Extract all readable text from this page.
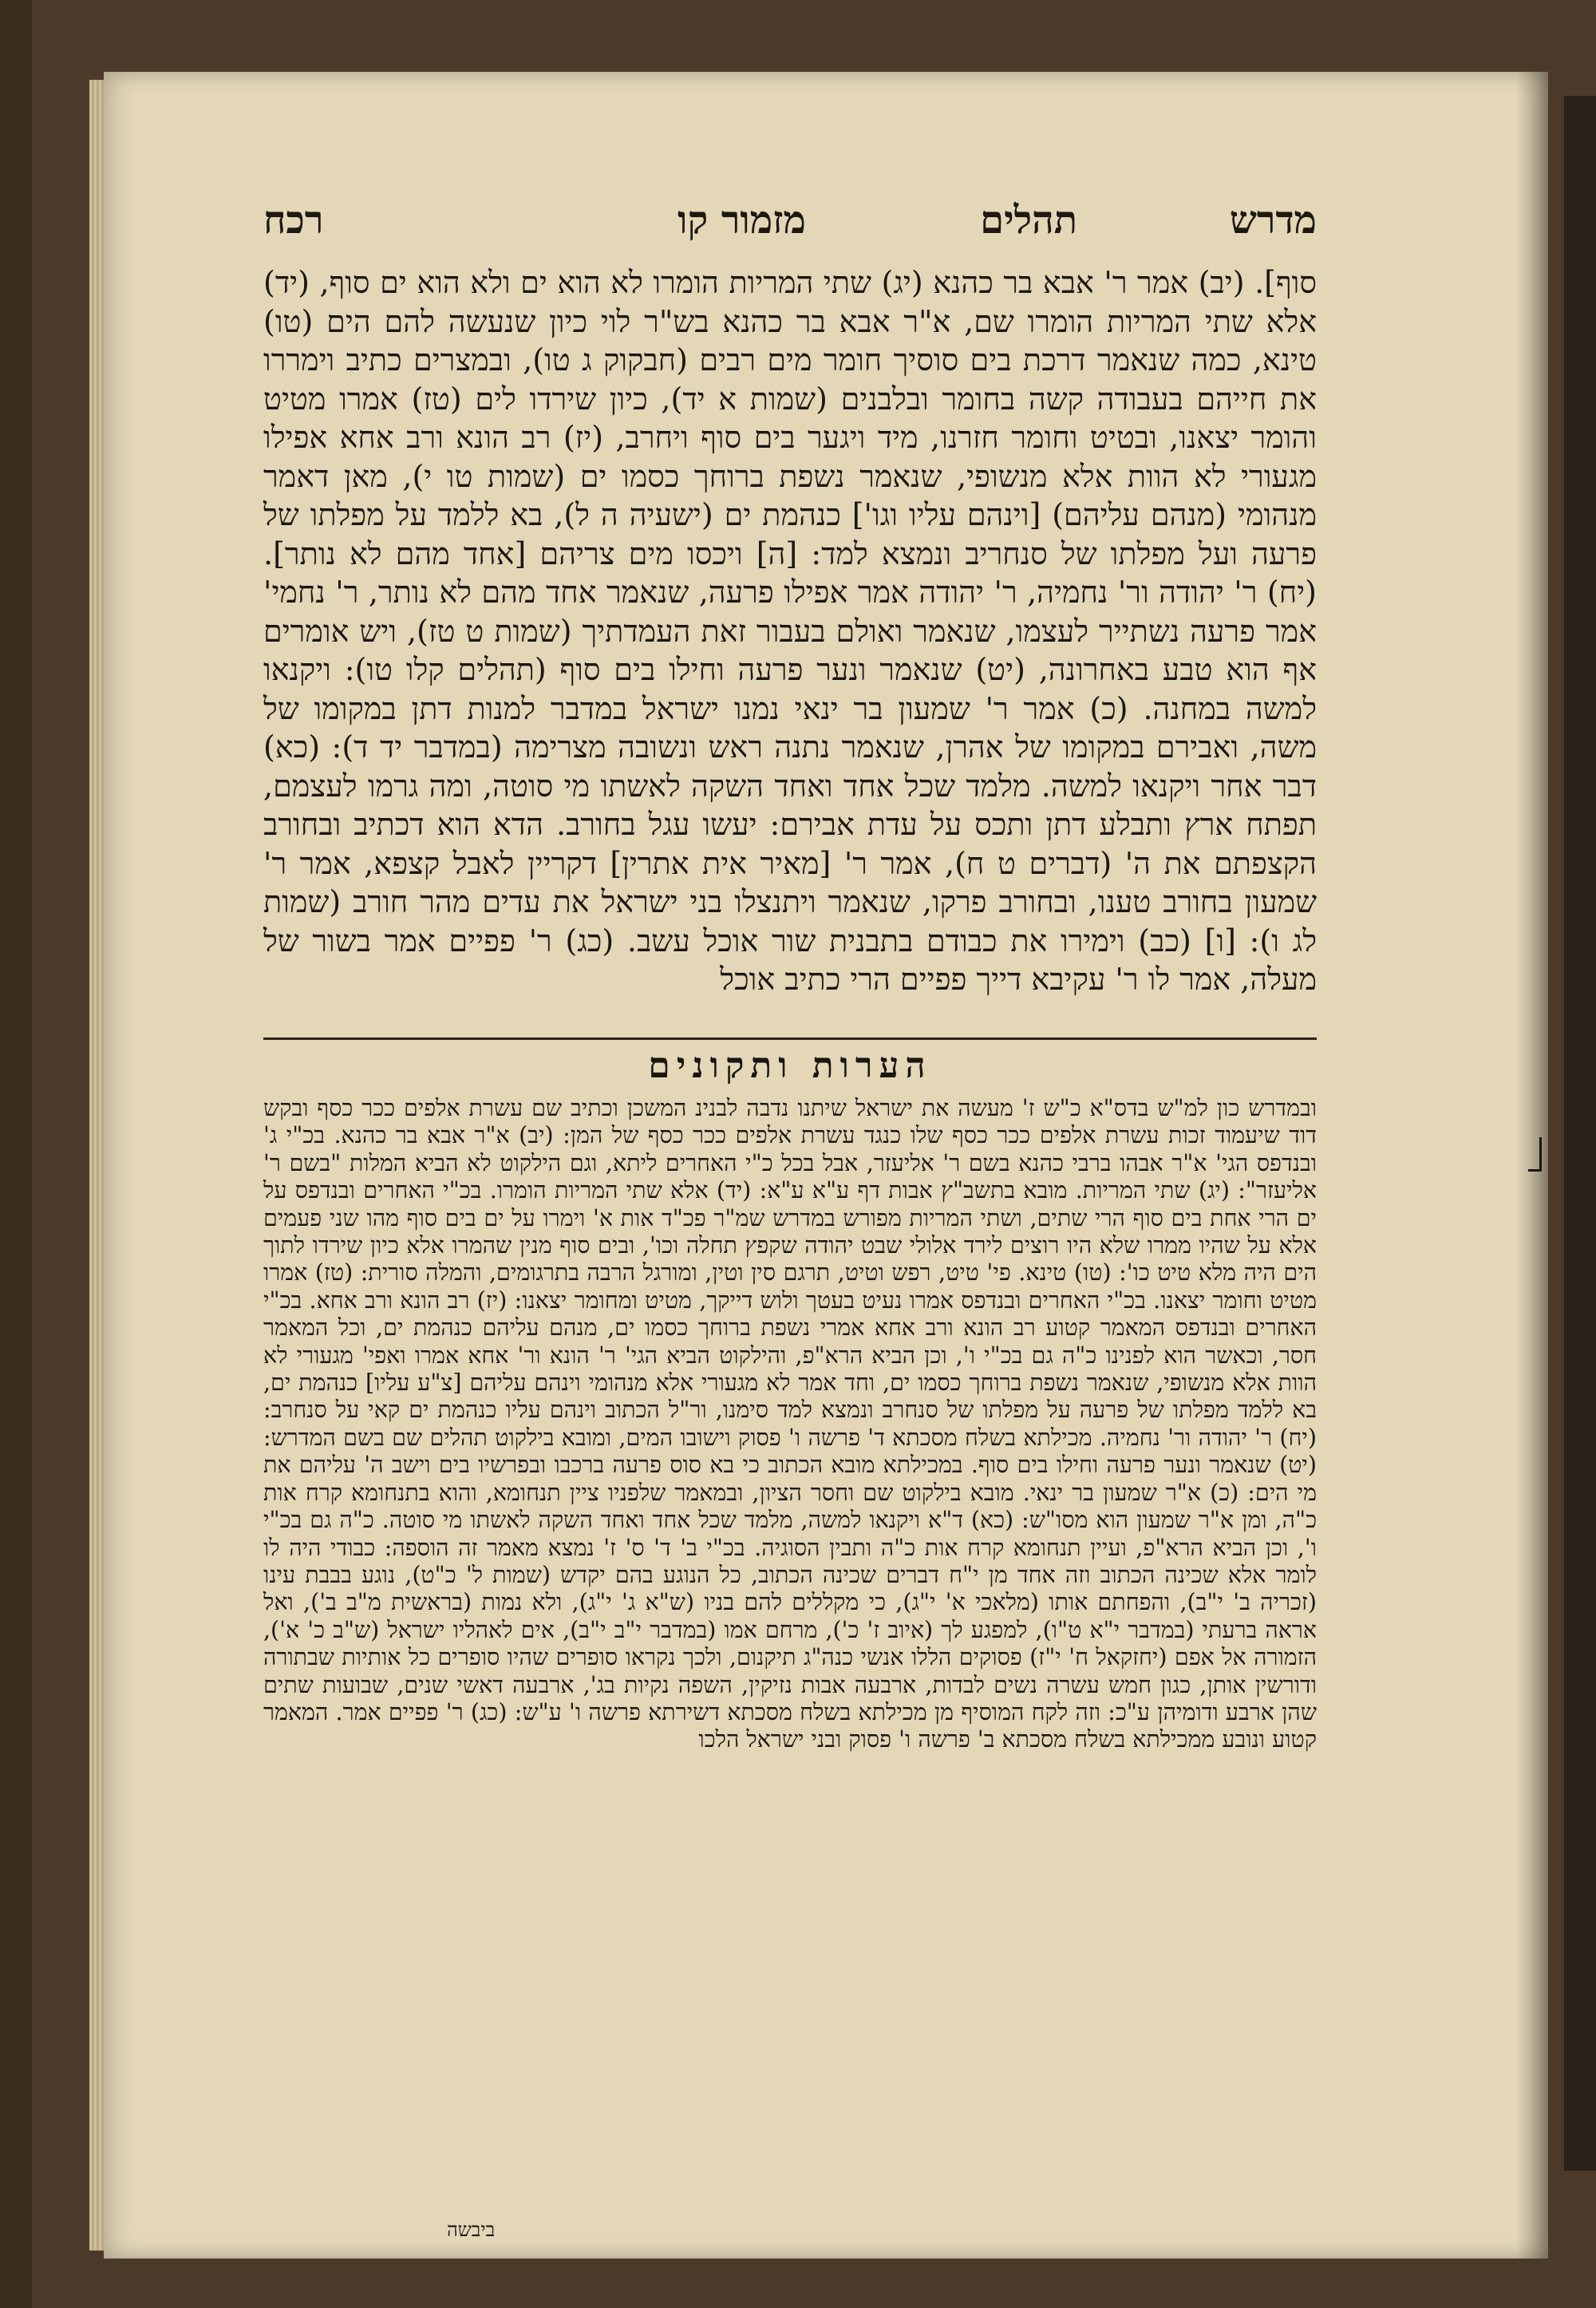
מדרש
מזמור קו	תהלים
רכח

סוף]. (יב) אמר ר' אבא בר כהנא (יג) שתי המריות הומרו לא הוא ים ולא הוא ים סוף, (יד) אלא שתי המריות הומרו שם, א"ר אבא בר כהנא בש"ר לוי כיון שנעשה להם הים (טו) טינא, כמה שנאמר דרכת בים סוסיך חומר מים רבים (חבקוק ג טו), ובמצרים כתיב וימררו את חייהם בעבודה קשה בחומר ובלבנים (שמות א יד), כיון שירדו לים (טז) אמרו מטיט והומר יצאנו, ובטיט וחומר חזרנו, מיד ויגער בים סוף ויחרב, (יז) רב הונא ורב אחא אפילו מגעורי לא הוות אלא מנשופי, שנאמר נשפת ברוחך כסמו ים (שמות טו י), מאן דאמר מנהומי (מנהם עליהם) [וינהם עליו וגו'] כנהמת ים (ישעיה ה ל), בא ללמד על מפלתו של פרעה ועל מפלתו של סנחריב ונמצא למד: [ה] ויכסו מים צריהם [אחד מהם לא נותר]. (יח) ר' יהודה ור' נחמיה, ר' יהודה אמר אפילו פרעה, שנאמר אחד מהם לא נותר, ר' נחמי' אמר פרעה נשתייר לעצמו, שנאמר ואולם בעבור זאת העמדתיך (שמות ט טז), ויש אומרים אף הוא טבע באחרונה, (יט) שנאמר ונער פרעה וחילו בים סוף (תהלים קלו טו): ויקנאו למשה במחנה. (כ) אמר ר' שמעון בר ינאי נמנו ישראל במדבר למנות דתן במקומו של משה, ואבירם במקומו של אהרן, שנאמר נתנה ראש ונשובה מצרימה (במדבר יד ד): (כא) דבר אחר ויקנאו למשה. מלמד שכל אחד ואחד השקה לאשתו מי סוטה, ומה גרמו לעצמם, תפתח ארץ ותבלע דתן ותכס על עדת אבירם: יעשו עגל בחורב. הדא הוא דכתיב ובחורב הקצפתם את ה' (דברים ט ח), אמר ר' [מאיר אית אתרין] דקריין לאבל קצפא, אמר ר' שמעון בחורב טענו, ובחורב פרקו, שנאמר ויתנצלו בני ישראל את עדים מהר חורב (שמות לג ו): [ו] (כב) וימירו את כבודם בתבנית שור אוכל עשב. (כג) ר' פפיים אמר בשור של מעלה, אמר לו ר' עקיבא דייך פפיים הרי כתיב אוכל

הערות ותקונים

ובמדרש כון למ"ש בדס"א כ"ש ז' מעשה את ישראל שיתנו נדבה לבנינ המשכן וכתיב שם עשרת אלפים ככר כסף ובקש דוד שיעמוד זכות עשרת אלפים ככר כסף שלו כנגד עשרת אלפים ככר כסף של המן: (יב) א"ר אבא בר כהנא. בכ"י ג' ובנדפס הגי' א"ר אבהו ברבי כהנא בשם ר' אליעזר, אבל בכל כ"י האחרים ליתא, וגם הילקוט לא הביא המלות "בשם ר' אליעזר": (יג) שתי המריות. מובא בתשב"ץ אבות דף ע"א ע"א: (יד) אלא שתי המריות הומרו. בכ"י האחרים ובנדפס על ים הרי אחת בים סוף הרי שתים, ושתי המריות מפורש במדרש שמ"ר פכ"ד אות א' וימרו על ים בים סוף מהו שני פעמים אלא על שהיו ממרו שלא היו רוצים לירד אלולי שבט יהודה שקפץ תחלה וכו', ובים סוף מנין שהמרו אלא כיון שירדו לתוך הים היה מלא טיט כו': (טו) טינא. פי' טיט, רפש וטיט, תרגם סין וטין, ומורגל הרבה בתרגומים, והמלה סורית: (טז) אמרו מטיט וחומר יצאנו. בכ"י האחרים ובנדפס אמרו נעיט בעטך ולוש דייקך, מטיט ומחומר יצאנו: (יז) רב הונא ורב אחא. בכ"י האחרים ובנדפס המאמר קטוע רב הונא ורב אחא אמרי נשפת ברוחך כסמו ים, מנהם עליהם כנהמת ים, וכל המאמר חסר, וכאשר הוא לפנינו כ"ה גם בכ"י ו', וכן הביא הרא"פ, והילקוט הביא הגי' ר' הונא ור' אחא אמרו ואפי' מגעורי לא הוות אלא מנשופי, שנאמר נשפת ברוחך כסמו ים, וחד אמר לא מגעורי אלא מנהומי וינהם עליהם [צ"ע עליו] כנהמת ים, בא ללמד מפלתו של פרעה על מפלתו של סנחרב ונמצא למד סימנו, ור"ל הכתוב וינהם עליו כנהמת ים קאי על סנחרב: (יח) ר' יהודה ור' נחמיה. מכילתא בשלח מסכתא ד' פרשה ו' פסוק וישובו המים, ומובא בילקוט תהלים שם בשם המדרש: (יט) שנאמר ונער פרעה וחילו בים סוף. במכילתא מובא הכתוב כי בא סוס פרעה ברכבו ובפרשיו בים וישב ה' עליהם את מי הים: (כ) א"ר שמעון בר ינאי. מובא בילקוט שם וחסר הציון, ובמאמר שלפניו ציין תנחומא, והוא בתנחומא קרח אות כ"ה, ומן א"ר שמעון הוא מסו"ש: (כא) ד"א ויקנאו למשה, מלמד שכל אחד ואחד השקה לאשתו מי סוטה. כ"ה גם בכ"י ו', וכן הביא הרא"פ, ועיין תנחומא קרח אות כ"ה ותבין הסוגיה. בכ"י ב' ד' ס' ז' נמצא מאמר זה הוספה: כבודי היה לו לומר אלא שכינה הכתוב וזה אחד מן י"ח דברים שכינה הכתוב, כל הנוגע בהם יקדש (שמות ל' כ"ט), נוגע בבבת עינו (זכריה ב' י"ב), והפחתם אותו (מלאכי א' י"ג), כי מקללים להם בניו (ש"א ג' י"ג), ולא נמות (בראשית מ"ב ב'), ואל אראה ברעתי (במדבר י"א ט"ו), למפגע לך (איוב ז' כ'), מרחם אמו (במדבר י"ב י"ב), אים לאהליו ישראל (ש"ב כ' א'), הזמורה אל אפם (יחזקאל ח' י"ז) פסוקים הללו אנשי כנה"ג תיקנום, ולכך נקראו סופרים שהיו סופרים כל אותיות שבתורה ודורשין אותן, כגון חמש עשרה נשים לבדות, ארבעה אבות נזיקין, השפה נקיות בג', ארבעה דאשי שנים, שבועות שתים שהן ארבע ודומיהן ע"כ: וזה לקח המוסיף מן מכילתא בשלח מסכתא דשירתא פרשה ו' ע"ש: (כג) ר' פפיים אמר. המאמר קטוע ונובע ממכילתא בשלח מסכתא ב' פרשה ו' פסוק ובני ישראל הלכו

ביבשה
